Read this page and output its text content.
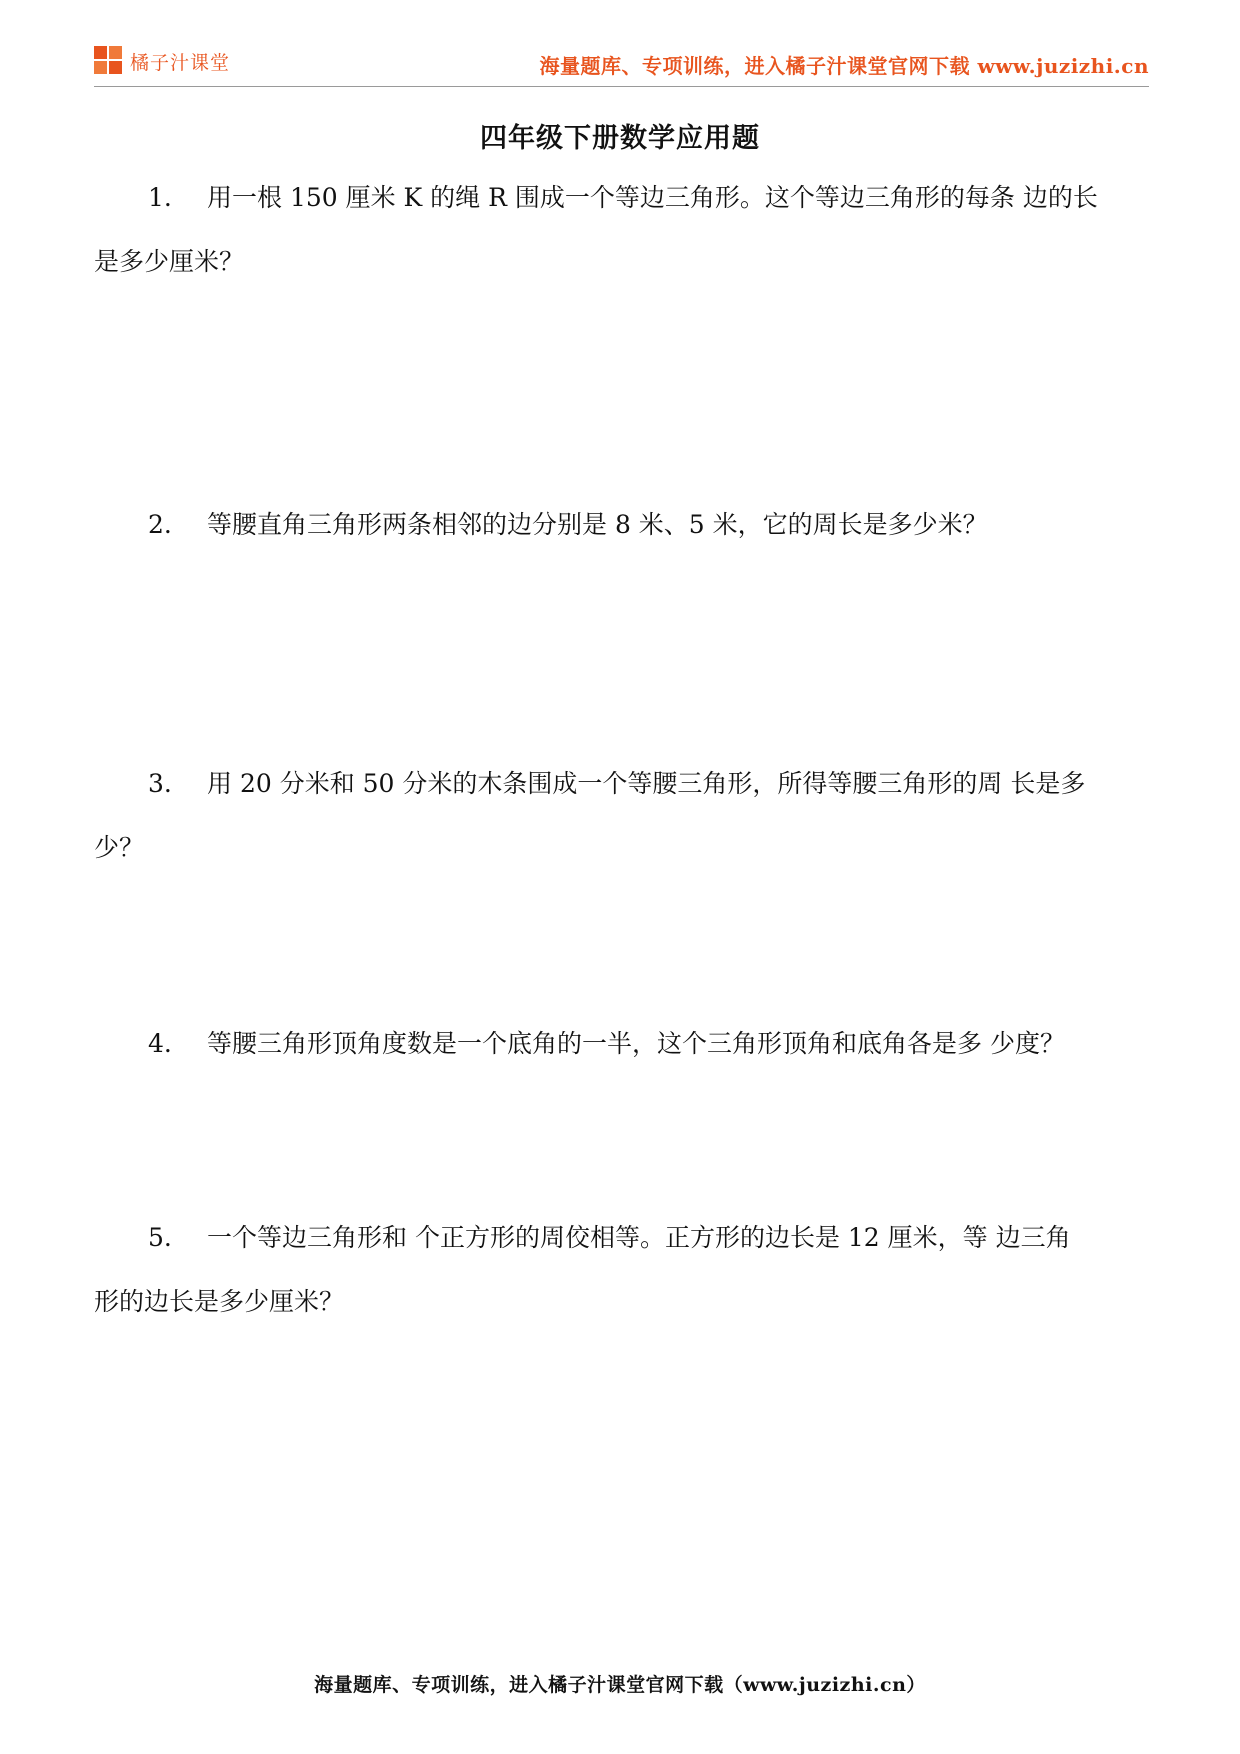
橘子汁课堂	海量题库、专项训练，进入橘子汁课堂官网下载 www.juzizhi.cn
四年级下册数学应用题
1. 用一根 150 厘米 K 的绳 R 围成一个等边三角形。这个等边三角形的每条 边的长
是多少厘米？
2. 等腰直角三角形两条相邻的边分别是 8 米、5 米，它的周长是多少米？
3. 用 20 分米和 50 分米的木条围成一个等腰三角形，所得等腰三角形的周 长是多
少？
4. 等腰三角形顶角度数是一个底角的一半，这个三角形顶角和底角各是多 少度？
5. 一个等边三角形和 个正方形的周佼相等。正方形的边长是 12 厘米，等 边三角
形的边长是多少厘米？
海量题库、专项训练，进入橘子汁课堂官网下载（www.juzizhi.cn）
